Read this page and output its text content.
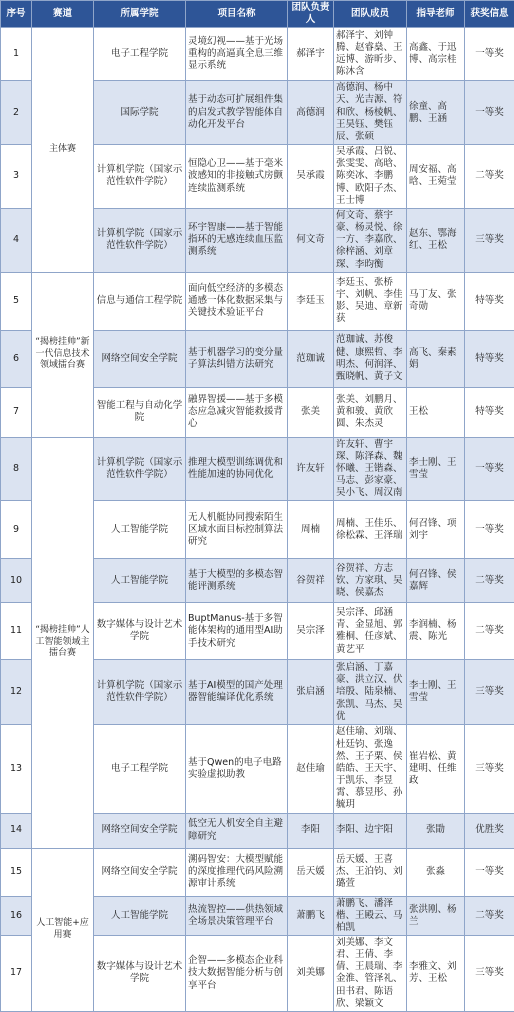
序号	赛道	所属学院	项目名称	团队负责人	团队成员	指导老师	获奖信息
1	主体赛	电子工程学院	灵境幻视——基于光场重构的高逼真全息三维显示系统	郝泽宇	郝泽宇、刘钟腾、赵睿燊、王远博、游昕步、陈沐含	高鑫、于迅博、高宗桂	一等奖
2		国际学院	基于动态可扩展组件集的启发式教学智能体自动化开发平台	高德润	高德润、杨中天、光吉源、符和欣、杨棱帆、王昊钰、樊钰辰、张硕	徐童、高鹏、王涵	一等奖
3		计算机学院（国家示范性软件学院）	恒隐心卫——基于毫米波感知的非接触式房颤连续监测系统	吴承霞	吴承霞、吕锐、张雯雯、高晗、陈奕冰、李鹏博、欧阳子杰、王士博	周安福、高晗、王菀莹	二等奖
4		计算机学院（国家示范性软件学院）	环宇智康——基于智能指环的无感连续血压监测系统	何文奇	何文奇、蔡宇豪、杨灵悦、徐一方、李嘉欣、徐梓涵、刘章琛、李昀衡	赵东、鄂海红、王松	三等奖
5	“揭榜挂帅”新一代信息技术领域擂台赛	信息与通信工程学院	面向低空经济的多模态通感一体化数据采集与关键技术验证平台	李廷玉	李廷玉、张桥宇、刘帆、李佳影、吴迪、章新获	马丁友、张奇勋	特等奖
6		网络空间安全学院	基于机器学习的变分量子算法纠错方法研究	范珈诚	范珈诚、苏俊健、康熙哲、李明杰、何润泽、甄晓帆、黄子文	高飞、秦素娟	特等奖
7		智能工程与自动化学院	融界智援——基于多模态应急减灾智能救援背心	张美	张美、刘鹏月、黄和骏、黄欣圆、朱杰灵	王松	特等奖
8	“揭榜挂帅”人工智能领域主擂台赛	计算机学院（国家示范性软件学院）	推理大模型训练调优和性能加速的协同优化	许友轩	许友轩、曹宇琛、陈泽森、魏怀曦、王锴森、马志、彭家豪、吴小飞、周汉南	李士刚、王雪莹	一等奖
9		人工智能学院	无人机艇协同搜索陌生区域水面目标控制算法研究	周楠	周楠、王佳乐、徐松霖、王泽瑞	何召锋、项刘宇	一等奖
10		人工智能学院	基于大模型的多模态智能评测系统	谷贺祥	谷贺祥、方志钦、方家琪、吴晓、侯嘉杰	何召锋、侯嘉辉	二等奖
11		数字媒体与设计艺术学院	BuptManus-基于多智能体架构的通用型AI助手技术研究	吴宗泽	吴宗泽、邱涵青、金显旭、郭雅桐、任彦斌、黄艺平	李润楠、杨震、陈光	二等奖
12		计算机学院（国家示范性软件学院）	基于AI模型的国产处理器智能编译优化系统	张启涵	张启涵、丁嘉豪、洪立汉、伏培殷、陆泉楠、张凯、马杰、吴优	李士刚、王雪莹	三等奖
13		电子工程学院	基于Qwen的电子电路实验虚拟助教	赵佳瑜	赵佳瑜、刘瑞、杜廷钧、张逸然、王子栗、侯皓皓、王天宇、于凯乐、李昱霄、慕昱彤、孙毓玥	崔岩松、黄建明、任维政	三等奖
14		网络空间安全学院	低空无人机安全自主避障研究	李阳	李阳、边宇阳	张勖	优胜奖
15	人工智能+应用赛	网络空间安全学院	溯码智安：大模型赋能的深度推理代码风险溯源审计系统	岳天媛	岳天媛、王喜杰、王泊钧、刘璐萱	张淼	一等奖
16		人工智能学院	热流智控——供热领域全场景决策管理平台	萧鹏飞	萧鹏飞、潘泽楷、王殿云、马柏凯	张洪刚、杨兰	二等奖
17		数字媒体与设计艺术学院	企智——多模态企业科技大数据智能分析与创享平台	刘美娜	刘美娜、李文君、王倩、李倩、王晨瑞、李金淮、管泽礼、田书君、陈语欣、梁颖文	李雅文、刘芳、王松	三等奖
